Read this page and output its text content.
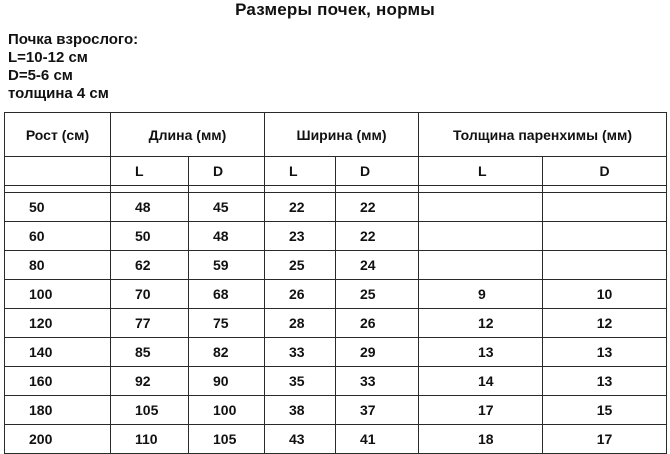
Размеры почек, нормы
Почка взрослого:
L=10-12 см
D=5-6 см
толщина 4 см
Рост (см)	Длина (мм)		Ширина (мм)		Толщина паренхимы (мм)	
	L	D	L	D	L	D

50	48	45	22	22		
60	50	48	23	22		
80	62	59	25	24		
100	70	68	26	25	9	10
120	77	75	28	26	12	12
140	85	82	33	29	13	13
160	92	90	35	33	14	13
180	105	100	38	37	17	15
200	110	105	43	41	18	17
